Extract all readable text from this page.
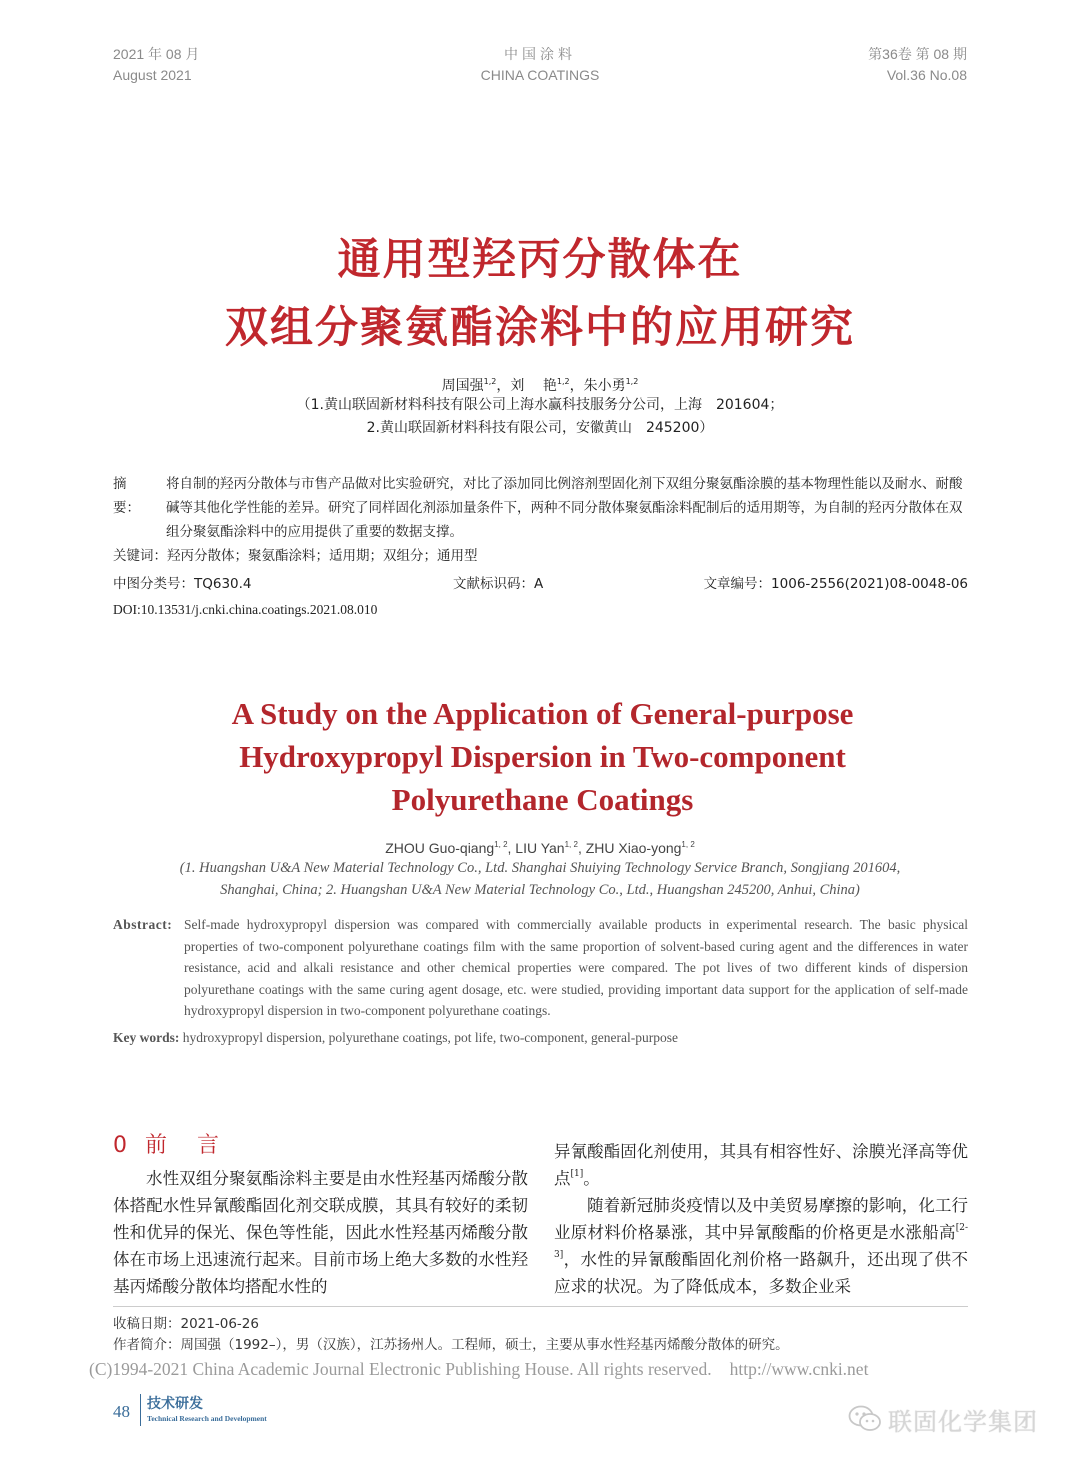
2021 年 08 月
August 2021
中国涂料
CHINA COATINGS
第36卷 第 08 期
Vol.36 No.08
通用型羟丙分散体在
双组分聚氨酯涂料中的应用研究
周国强$^{1,2}$，刘　 艳$^{1,2}$，朱小勇$^{1,2}$
（1.黄山联固新材料科技有限公司上海水赢科技服务分公司，上海　201604；
2.黄山联固新材料科技有限公司，安徽黄山　245200）
摘　要：
将自制的羟丙分散体与市售产品做对比实验研究，对比了添加同比例溶剂型固化剂下双组分聚氨酯涂膜的基本物理性能以及耐水、耐酸碱等其他化学性能的差异。研究了同样固化剂添加量条件下，两种不同分散体聚氨酯涂料配制后的适用期等，为自制的羟丙分散体在双组分聚氨酯涂料中的应用提供了重要的数据支撑。
关键词：羟丙分散体；聚氨酯涂料；适用期；双组分；通用型
中图分类号：TQ630.4	文献标识码：A	文章编号：1006-2556(2021)08-0048-06
DOI:10.13531/j.cnki.china.coatings.2021.08.010
A Study on the Application of General-purpose
Hydroxypropyl Dispersion in Two-component
Polyurethane Coatings
ZHOU Guo-qiang$^{1, 2}$, LIU Yan$^{1, 2}$, ZHU Xiao-yong$^{1, 2}$
(1. Huangshan U&A New Material Technology Co., Ltd. Shanghai Shuiying Technology Service Branch, Songjiang 201604,
Shanghai, China; 2. Huangshan U&A New Material Technology Co., Ltd., Huangshan 245200, Anhui, China)
Abstract: Self-made hydroxypropyl dispersion was compared with commercially available products in experimental research. The basic physical properties of two-component polyurethane coatings film with the same proportion of solvent-based curing agent and the differences in water resistance, acid and alkali resistance and other chemical properties were compared. The pot lives of two different kinds of dispersion polyurethane coatings with the same curing agent dosage, etc. were studied, providing important data support for the application of self-made hydroxypropyl dispersion in two-component polyurethane coatings.
Key words: hydroxypropyl dispersion, polyurethane coatings, pot life, two-component, general-purpose
0 前　言

水性双组分聚氨酯涂料主要是由水性羟基丙烯酸分散体搭配水性异氰酸酯固化剂交联成膜，其具有较好的柔韧性和优异的保光、保色等性能，因此水性羟基丙烯酸分散体在市场上迅速流行起来。目前市场上绝大多数的水性羟基丙烯酸分散体均搭配水性的

异氰酸酯固化剂使用，其具有相容性好、涂膜光泽高等优点[1]。

随着新冠肺炎疫情以及中美贸易摩擦的影响，化工行业原材料价格暴涨，其中异氰酸酯的价格更是水涨船高[2-3]，水性的异氰酸酯固化剂价格一路飙升，还出现了供不应求的状况。为了降低成本，多数企业采

收稿日期：2021-06-26
作者简介：周国强（1992–），男（汉族），江苏扬州人。工程师，硕士，主要从事水性羟基丙烯酸分散体的研究。
(C)1994-2021 China Academic Journal Electronic Publishing House. All rights reserved. http://www.cnki.net
48 技术研发
Technical Research and Development	联固化学集团
